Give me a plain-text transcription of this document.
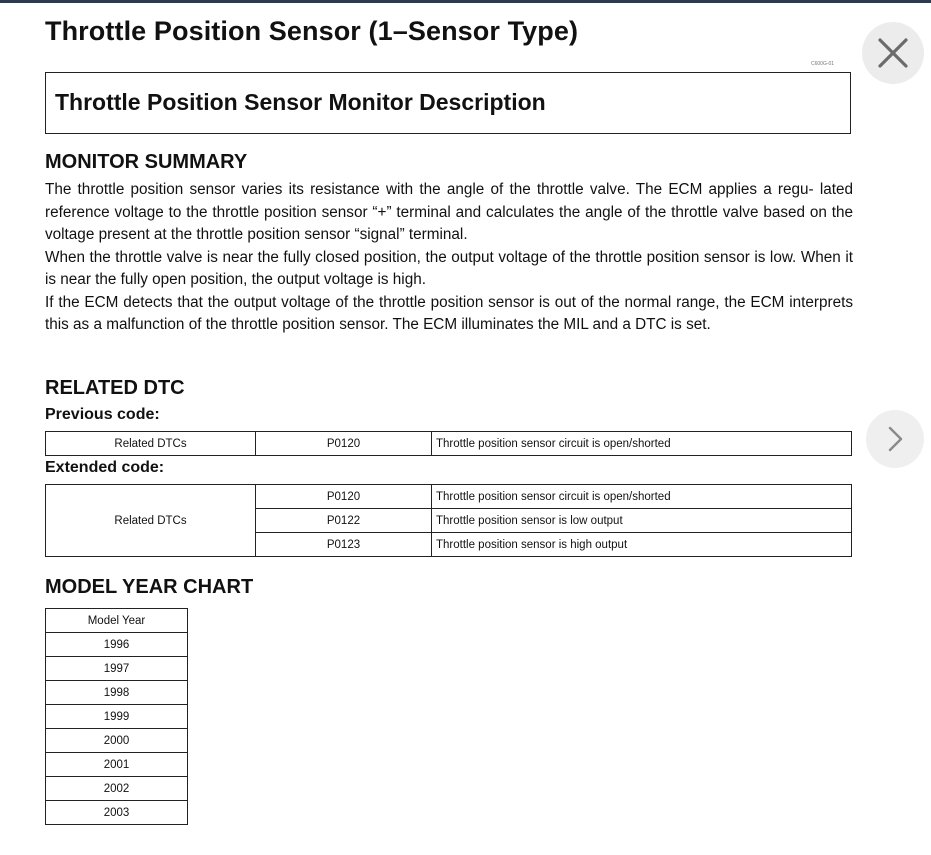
Throttle Position Sensor (1–Sensor Type)
C600G-01
Throttle Position Sensor Monitor Description
MONITOR SUMMARY

The throttle position sensor varies its resistance with the angle of the throttle valve. The ECM applies a regu- lated reference voltage to the throttle position sensor “+” terminal and calculates the angle of the throttle valve based on the voltage present at the throttle position sensor “signal” terminal.

When the throttle valve is near the fully closed position, the output voltage of the throttle position sensor is low. When it is near the fully open position, the output voltage is high.

If the ECM detects that the output voltage of the throttle position sensor is out of the normal range, the ECM interprets this as a malfunction of the throttle position sensor. The ECM illuminates the MIL and a DTC is set.

RELATED DTC
Previous code:
Related DTCs	P0120	Throttle position sensor circuit is open/shorted
Extended code:
Related DTCs	P0120	Throttle position sensor circuit is open/shorted
	P0122	Throttle position sensor is low output
	P0123	Throttle position sensor is high output
MODEL YEAR CHART
Model Year
1996
1997
1998
1999
2000
2001
2002
2003
